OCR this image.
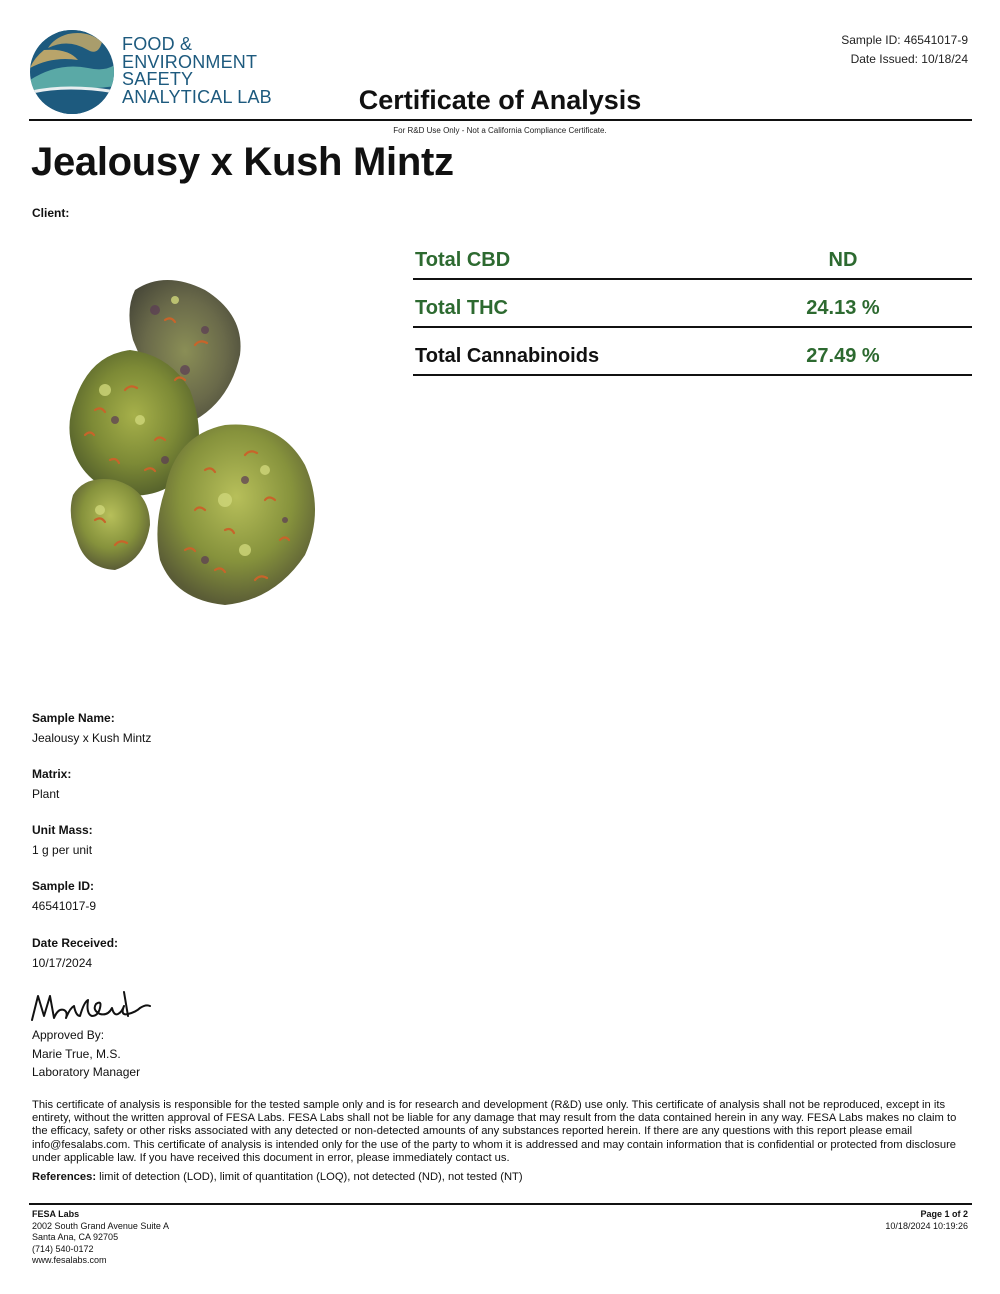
FOOD &
ENVIRONMENT
SAFETY
ANALYTICAL LAB
Sample ID: 46541017-9
Date Issued: 10/18/24
Certificate of Analysis
For R&D Use Only - Not a California Compliance Certificate.
Jealousy x Kush Mintz
Client:
Total CBD	ND
Total THC	24.13 %
Total Cannabinoids	27.49 %
Sample Name:
Jealousy x Kush Mintz
Matrix:
Plant
Unit Mass:
1 g per unit
Sample ID:
46541017-9
Date Received:
10/17/2024
Approved By:
Marie True, M.S.
Laboratory Manager
This certificate of analysis is responsible for the tested sample only and is for research and development (R&D) use only. This certificate of analysis shall not be reproduced, except in its entirety, without the written approval of FESA Labs. FESA Labs shall not be liable for any damage that may result from the data contained herein in any way. FESA Labs makes no claim to the efficacy, safety or other risks associated with any detected or non-detected amounts of any substances reported herein. If there are any questions with this report please email info@fesalabs.com. This certificate of analysis is intended only for the use of the party to whom it is addressed and may contain information that is confidential or protected from disclosure under applicable law. If you have received this document in error, please immediately contact us.
References: limit of detection (LOD), limit of quantitation (LOQ), not detected (ND), not tested (NT)
FESA Labs
2002 South Grand Avenue Suite A
Santa Ana, CA 92705
(714) 540-0172
www.fesalabs.com
Page 1 of 2
10/18/2024 10:19:26
